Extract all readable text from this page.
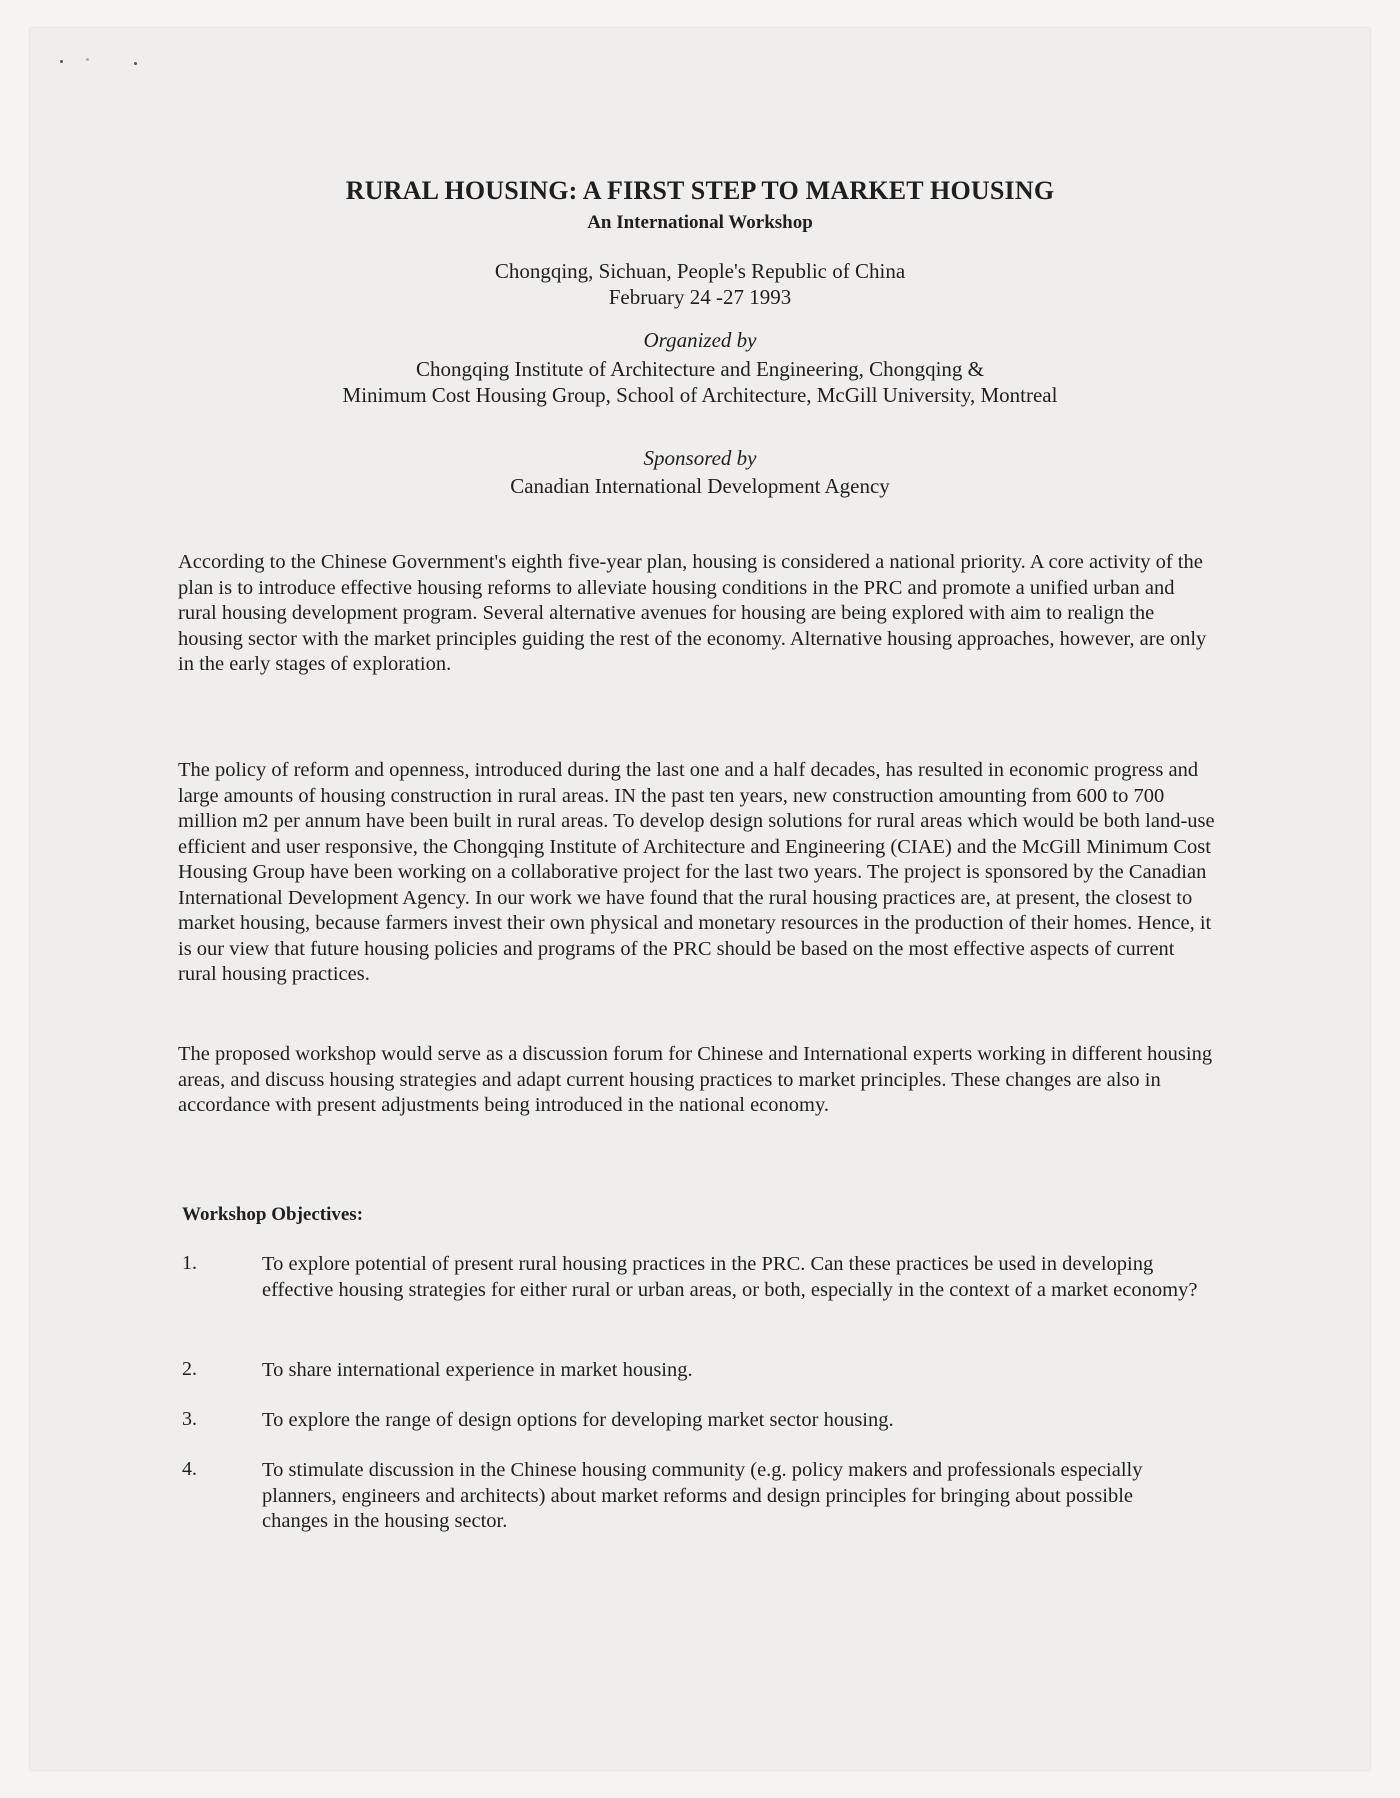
RURAL HOUSING: A FIRST STEP TO MARKET HOUSING
An International Workshop
Chongqing, Sichuan, People's Republic of China
February 24 -27 1993
Organized by
Chongqing Institute of Architecture and Engineering, Chongqing &
Minimum Cost Housing Group, School of Architecture, McGill University, Montreal
Sponsored by
Canadian International Development Agency

According to the Chinese Government's eighth five-year plan, housing is considered a national priority. A core activity of the plan is to introduce effective housing reforms to alleviate housing conditions in the PRC and promote a unified urban and rural housing development program. Several alternative avenues for housing are being explored with aim to realign the housing sector with the market principles guiding the rest of the economy. Alternative housing approaches, however, are only in the early stages of exploration.

The policy of reform and openness, introduced during the last one and a half decades, has resulted in economic progress and large amounts of housing construction in rural areas. IN the past ten years, new construction amounting from 600 to 700 million m2 per annum have been built in rural areas. To develop design solutions for rural areas which would be both land-use efficient and user responsive, the Chongqing Institute of Architecture and Engineering (CIAE) and the McGill Minimum Cost Housing Group have been working on a collaborative project for the last two years. The project is sponsored by the Canadian International Development Agency. In our work we have found that the rural housing practices are, at present, the closest to market housing, because farmers invest their own physical and monetary resources in the production of their homes. Hence, it is our view that future housing policies and programs of the PRC should be based on the most effective aspects of current rural housing practices.

The proposed workshop would serve as a discussion forum for Chinese and International experts working in different housing areas, and discuss housing strategies and adapt current housing practices to market principles. These changes are also in accordance with present adjustments being introduced in the national economy.

Workshop Objectives:
1.	To explore potential of present rural housing practices in the PRC. Can these practices be used in developing effective housing strategies for either rural or urban areas, or both, especially in the context of a market economy?
2.	To share international experience in market housing.
3.	To explore the range of design options for developing market sector housing.
4.	To stimulate discussion in the Chinese housing community (e.g. policy makers and professionals especially planners, engineers and architects) about market reforms and design principles for bringing about possible changes in the housing sector.
